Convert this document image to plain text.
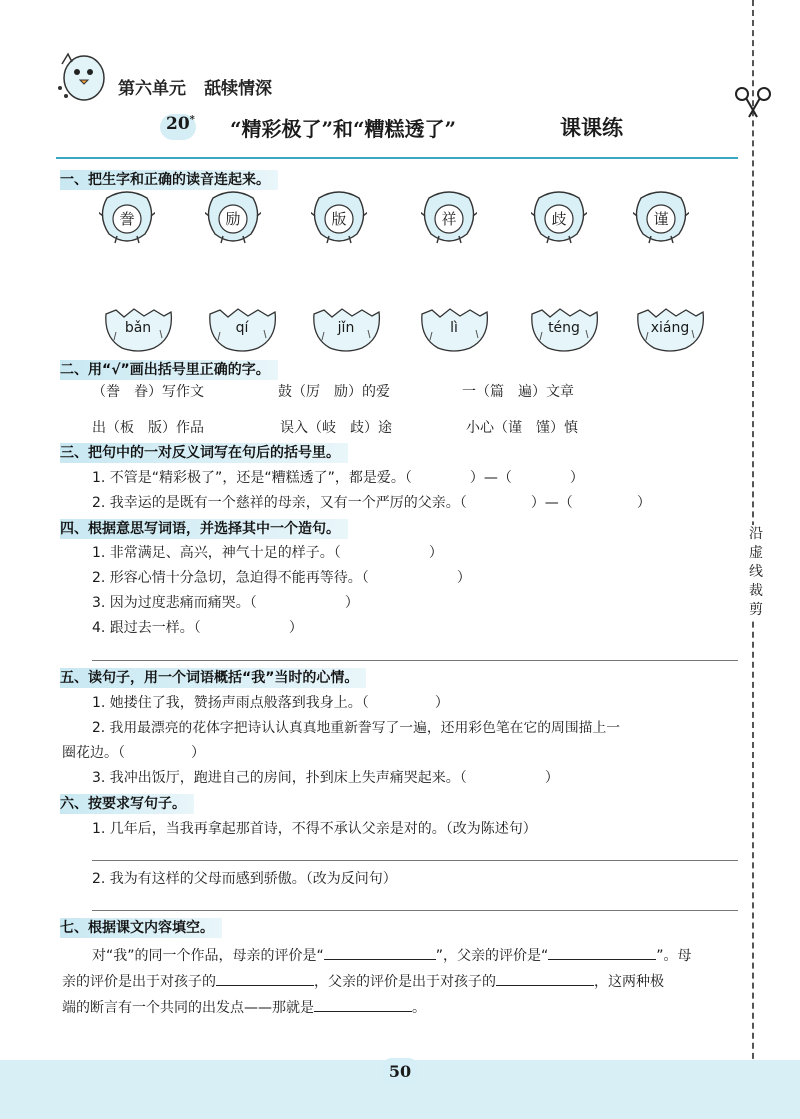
沿
虚
线
裁
剪
第六单元 舐犊情深
20* “精彩极了”和“糟糕透了”	课课练
一、把生字和正确的读音连起来。
誊	励	版	祥	歧	谨
bǎn	qí	jǐn	lì	téng	xiáng
二、用“√”画出括号里正确的字。
（誊　眷）写作文	鼓（厉　励）的爱	一（篇　遍）文章
出（板　版）作品	误入（岐　歧）途	小心（谨　馑）慎
三、把句中的一对反义词写在句后的括号里。
1. 不管是“精彩极了”，还是“糟糕透了”，都是爱。（	）—（	）
2. 我幸运的是既有一个慈祥的母亲，又有一个严厉的父亲。（	）—（	）
四、根据意思写词语，并选择其中一个造句。
1. 非常满足、高兴，神气十足的样子。（	）
2. 形容心情十分急切，急迫得不能再等待。（	）
3. 因为过度悲痛而痛哭。（	）
4. 跟过去一样。（	）
五、读句子，用一个词语概括“我”当时的心情。
1. 她搂住了我，赞扬声雨点般落到我身上。（	）
2. 我用最漂亮的花体字把诗认认真真地重新誊写了一遍，还用彩色笔在它的周围描上一
圈花边。（	）
3. 我冲出饭厅，跑进自己的房间，扑到床上失声痛哭起来。（	）
六、按要求写句子。
1. 几年后，当我再拿起那首诗，不得不承认父亲是对的。（改为陈述句）
2. 我为有这样的父母而感到骄傲。（改为反问句）
七、根据课文内容填空。
对“我”的同一个作品，母亲的评价是“	”，父亲的评价是“	”。母
亲的评价是出于对孩子的	，父亲的评价是出于对孩子的	，这两种极
端的断言有一个共同的出发点——那就是	。
50
